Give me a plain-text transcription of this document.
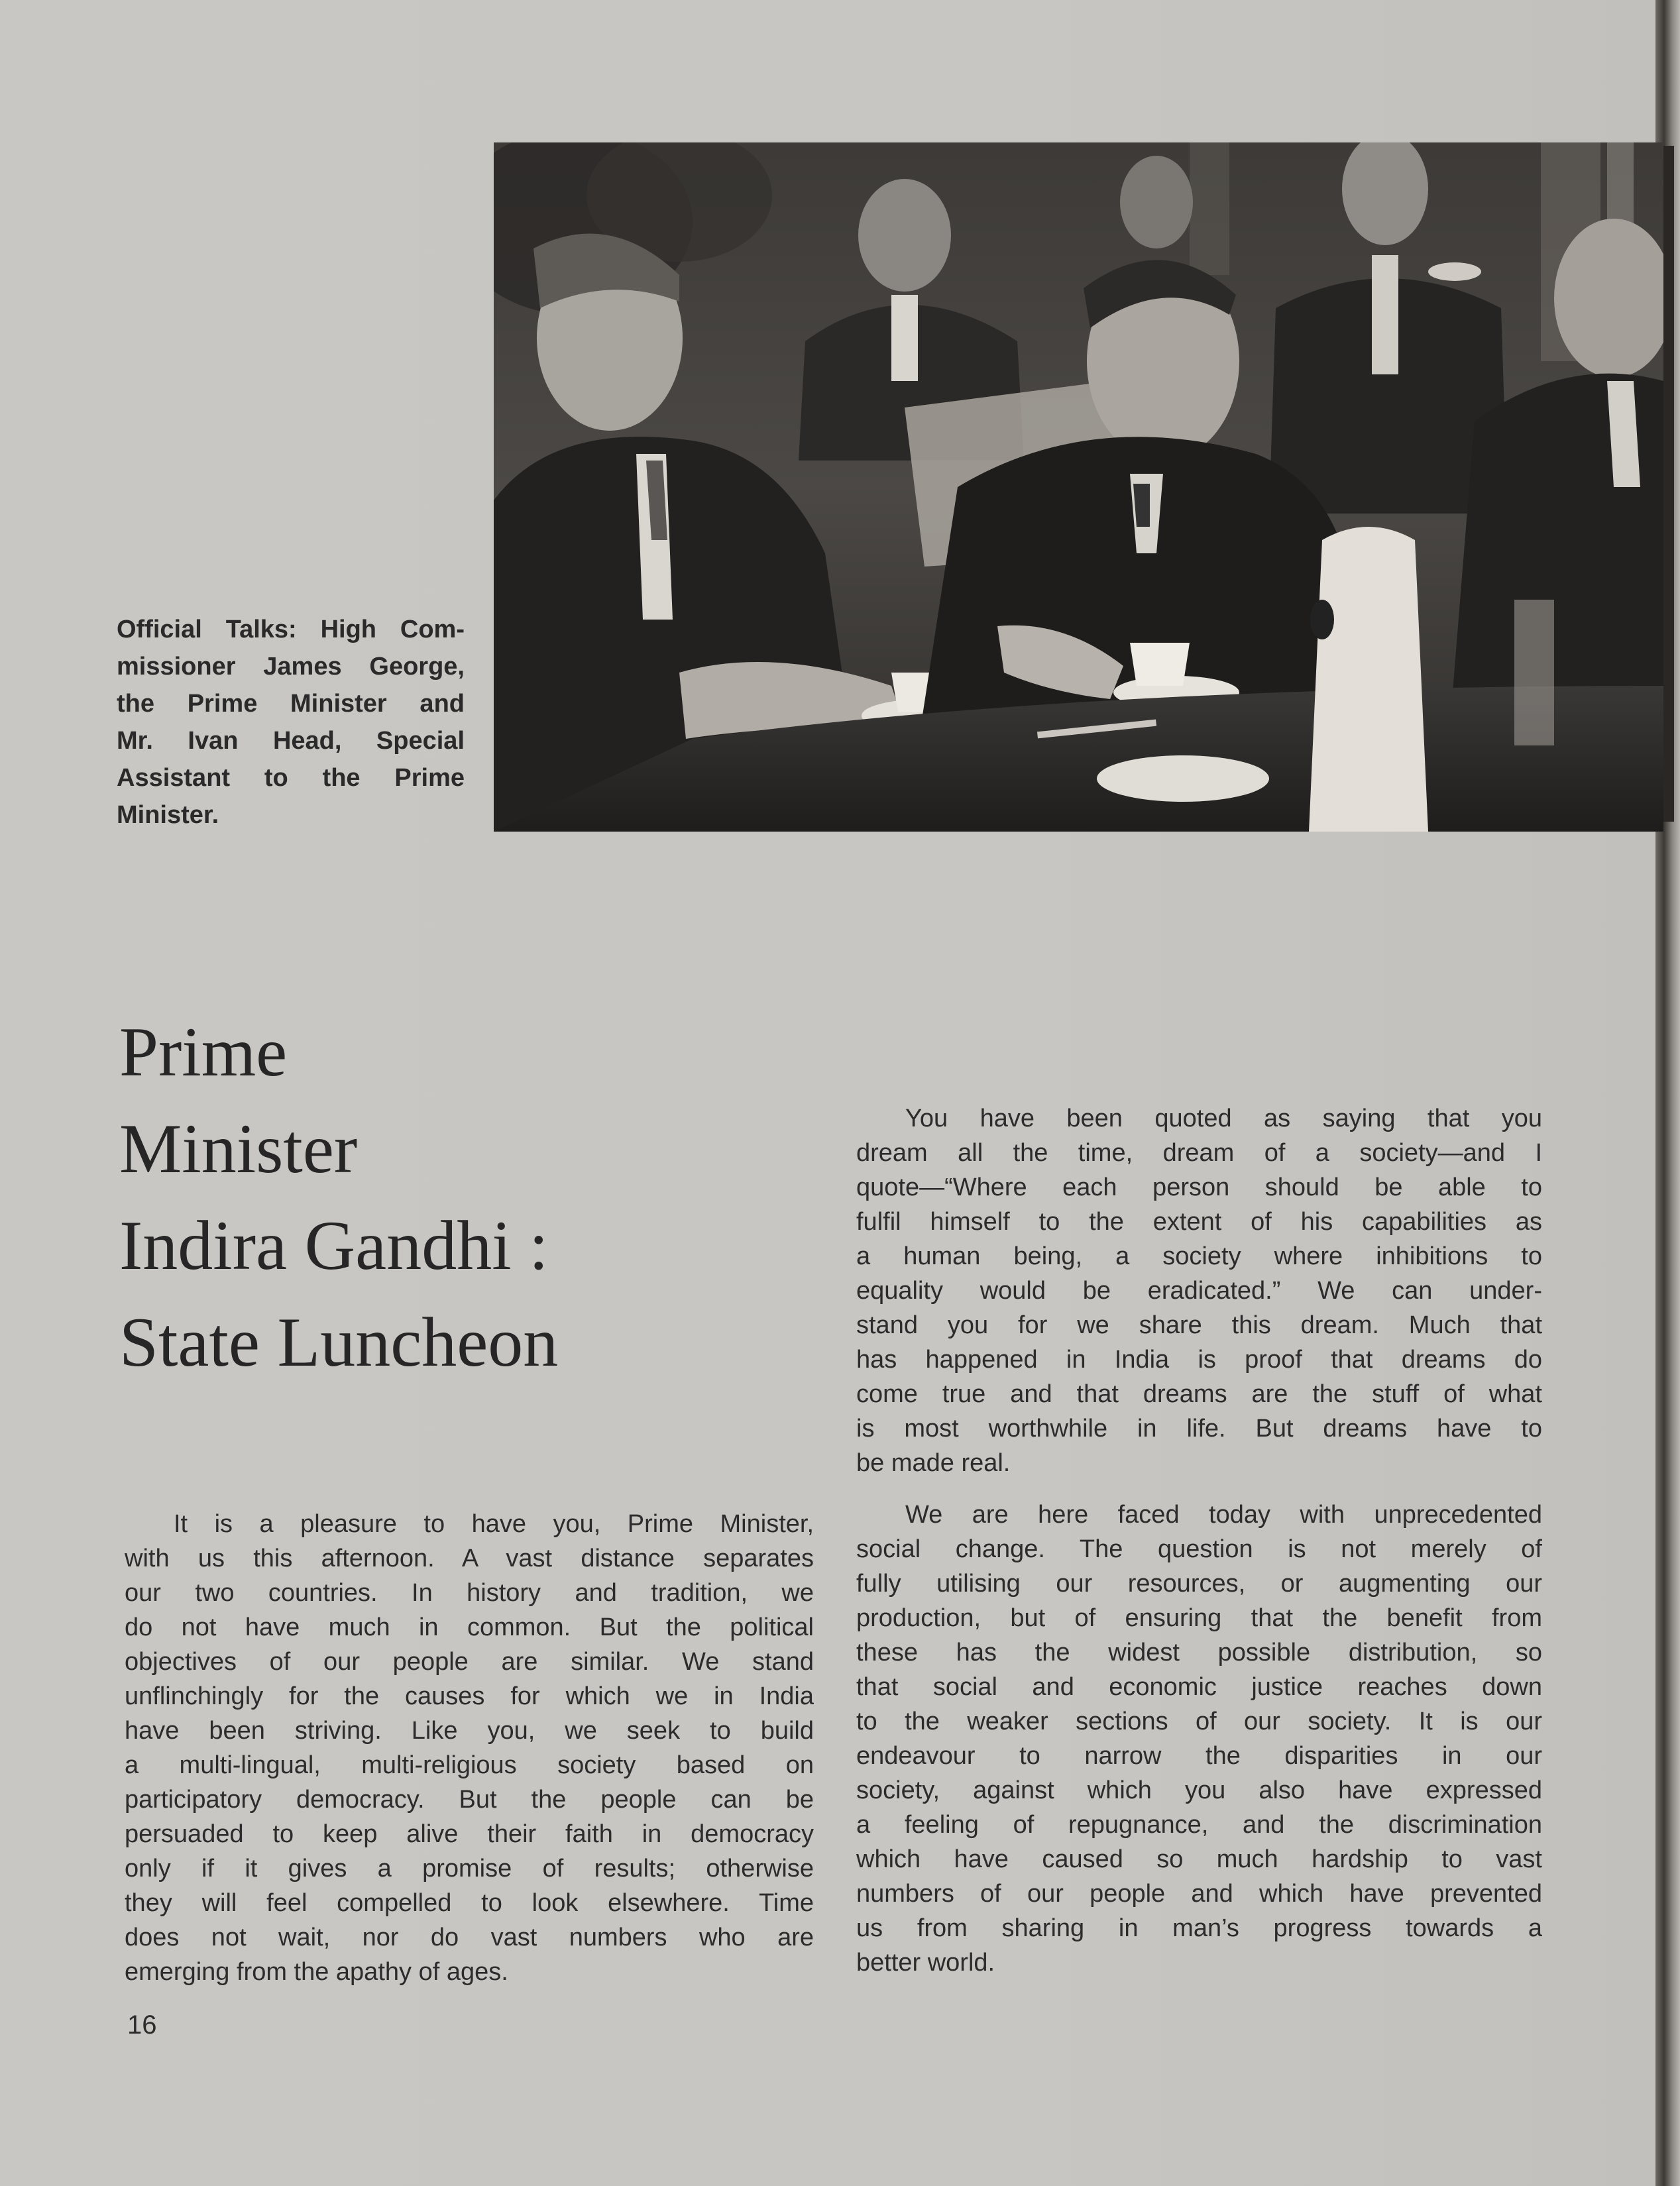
Official Talks: High Com-
missioner James George,
the Prime Minister and
Mr. Ivan Head, Special
Assistant to the Prime
Minister.
Prime
Minister
Indira Gandhi :
State Luncheon

It is a pleasure to have you, Prime Minister,
with us this afternoon. A vast distance separates
our two countries. In history and tradition, we
do not have much in common. But the political
objectives of our people are similar. We stand
unflinchingly for the causes for which we in India
have been striving. Like you, we seek to build
a multi-lingual, multi-religious society based on
participatory democracy. But the people can be
persuaded to keep alive their faith in democracy
only if it gives a promise of results; otherwise
they will feel compelled to look elsewhere. Time
does not wait, nor do vast numbers who are
emerging from the apathy of ages.

You have been quoted as saying that you
dream all the time, dream of a society—and I
quote—“Where each person should be able to
fulfil himself to the extent of his capabilities as
a human being, a society where inhibitions to
equality would be eradicated.” We can under-
stand you for we share this dream. Much that
has happened in India is proof that dreams do
come true and that dreams are the stuff of what
is most worthwhile in life. But dreams have to
be made real.

We are here faced today with unprecedented
social change. The question is not merely of
fully utilising our resources, or augmenting our
production, but of ensuring that the benefit from
these has the widest possible distribution, so
that social and economic justice reaches down
to the weaker sections of our society. It is our
endeavour to narrow the disparities in our
society, against which you also have expressed
a feeling of repugnance, and the discrimination
which have caused so much hardship to vast
numbers of our people and which have prevented
us from sharing in man’s progress towards a
better world.

16
